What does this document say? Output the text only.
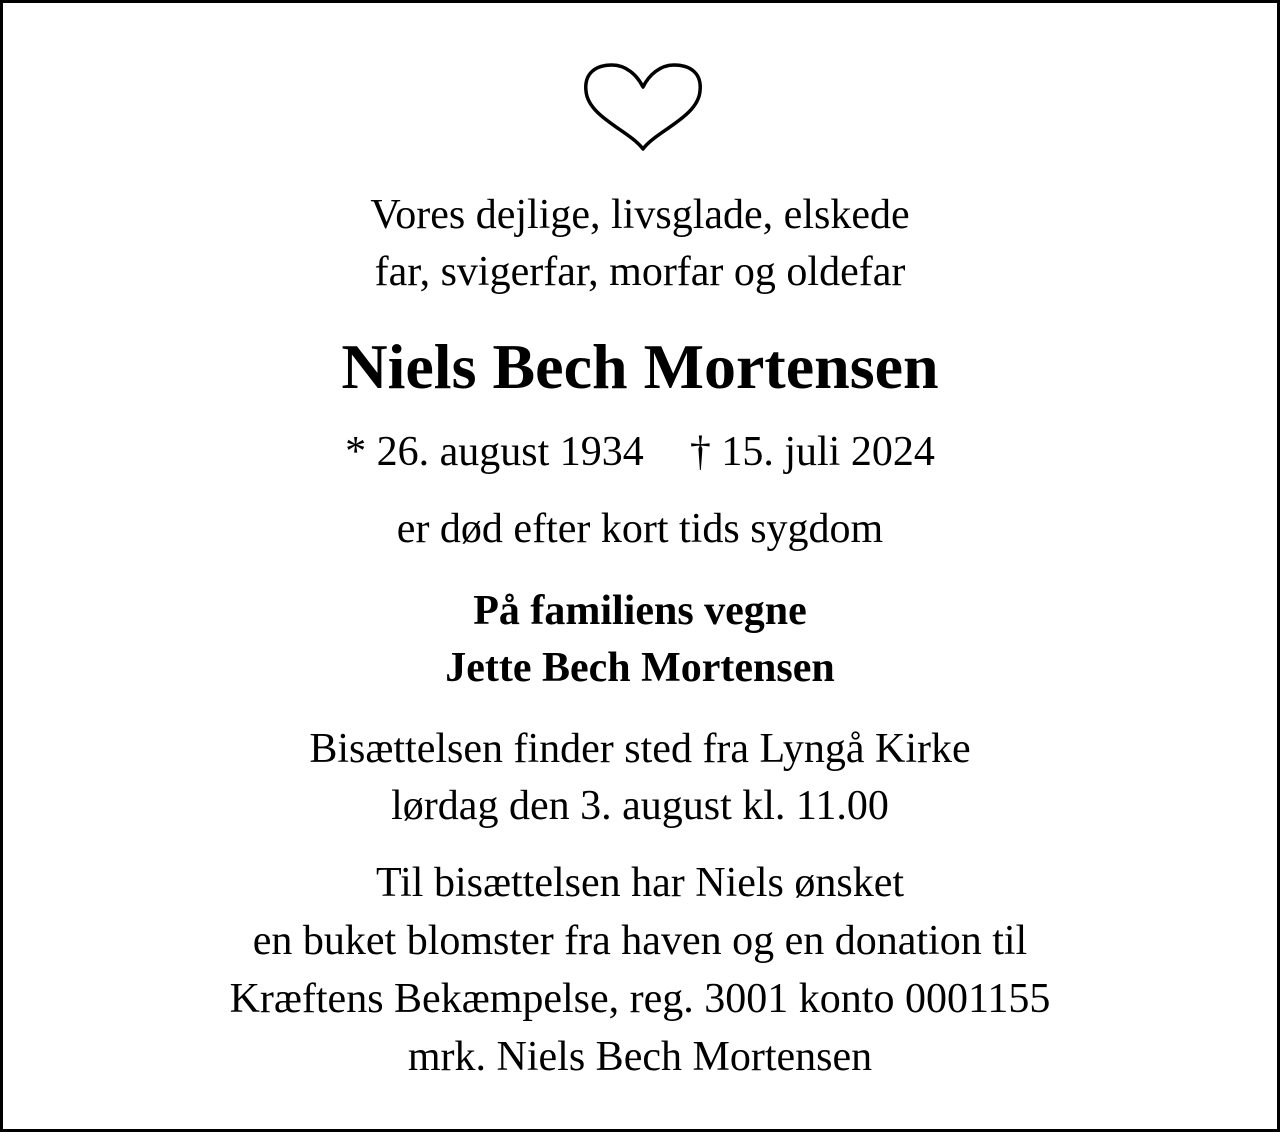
Vores dejlige, livsglade, elskede
far, svigerfar, morfar og oldefar
Niels Bech Mortensen
* 26. august 1934 † 15. juli 2024
er død efter kort tids sygdom
På familiens vegne
Jette Bech Mortensen
Bisættelsen finder sted fra Lyngå Kirke
lørdag den 3. august kl. 11.00
Til bisættelsen har Niels ønsket
en buket blomster fra haven og en donation til
Kræftens Bekæmpelse, reg. 3001 konto 0001155
mrk. Niels Bech Mortensen
